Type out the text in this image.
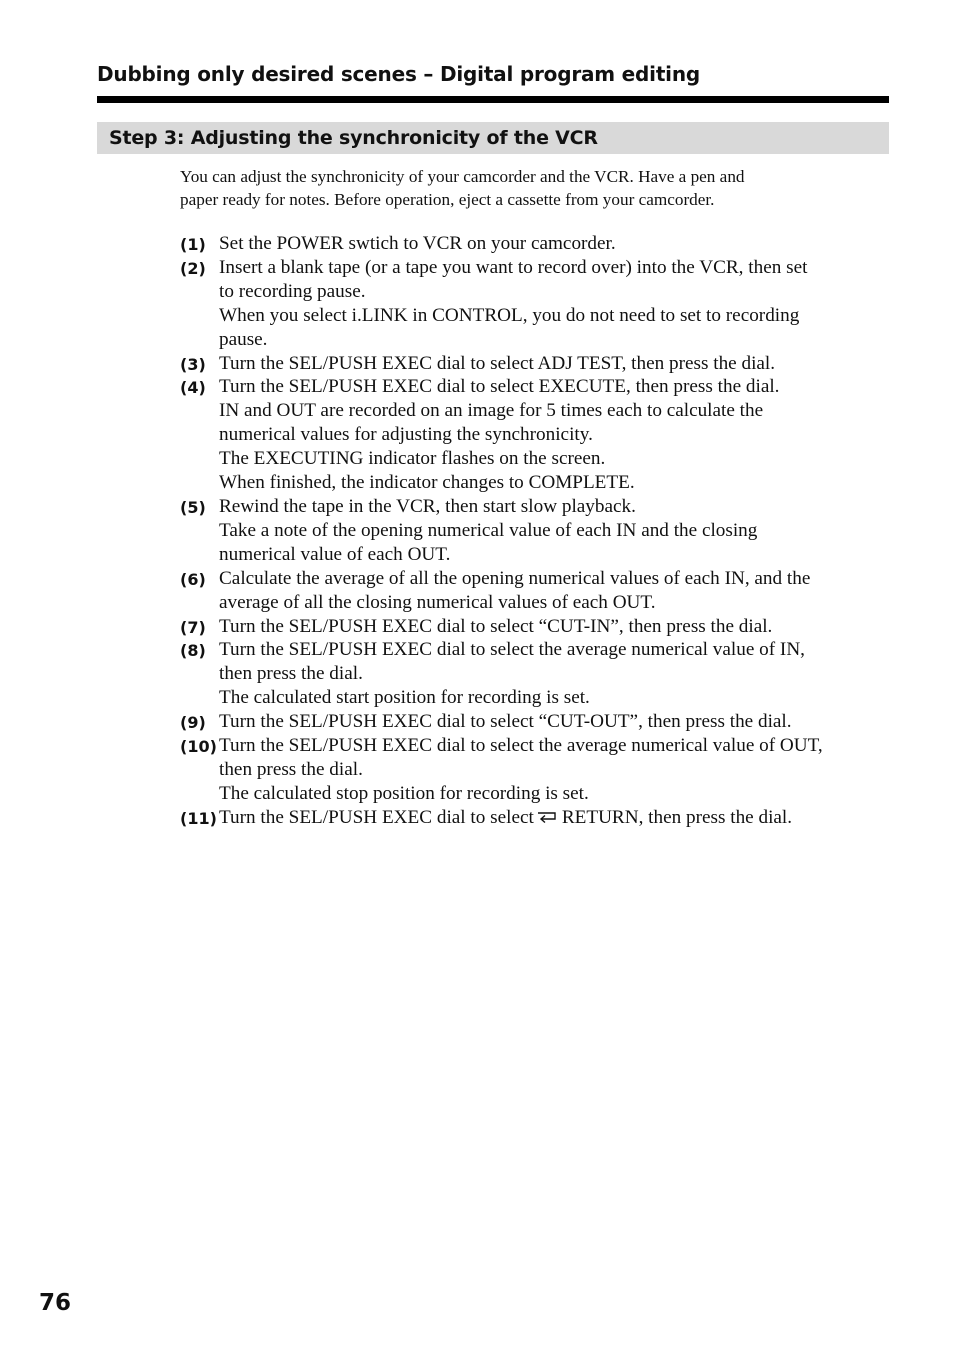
Dubbing only desired scenes – Digital program editing
Step 3: Adjusting the synchronicity of the VCR
You can adjust the synchronicity of your camcorder and the VCR. Have a pen and
paper ready for notes. Before operation, eject a cassette from your camcorder.
(1) Set the POWER swtich to VCR on your camcorder.
(2) Insert a blank tape (or a tape you want to record over) into the VCR, then set
to recording pause.
When you select i.LINK in CONTROL, you do not need to set to recording
pause.
(3) Turn the SEL/PUSH EXEC dial to select ADJ TEST, then press the dial.
(4) Turn the SEL/PUSH EXEC dial to select EXECUTE, then press the dial.
IN and OUT are recorded on an image for 5 times each to calculate the
numerical values for adjusting the synchronicity.
The EXECUTING indicator flashes on the screen.
When finished, the indicator changes to COMPLETE.
(5) Rewind the tape in the VCR, then start slow playback.
Take a note of the opening numerical value of each IN and the closing
numerical value of each OUT.
(6) Calculate the average of all the opening numerical values of each IN, and the
average of all the closing numerical values of each OUT.
(7) Turn the SEL/PUSH EXEC dial to select “CUT-IN”, then press the dial.
(8) Turn the SEL/PUSH EXEC dial to select the average numerical value of IN,
then press the dial.
The calculated start position for recording is set.
(9) Turn the SEL/PUSH EXEC dial to select “CUT-OUT”, then press the dial.
(10) Turn the SEL/PUSH EXEC dial to select the average numerical value of OUT,
then press the dial.
The calculated stop position for recording is set.
(11) Turn the SEL/PUSH EXEC dial to select RETURN, then press the dial.
76
